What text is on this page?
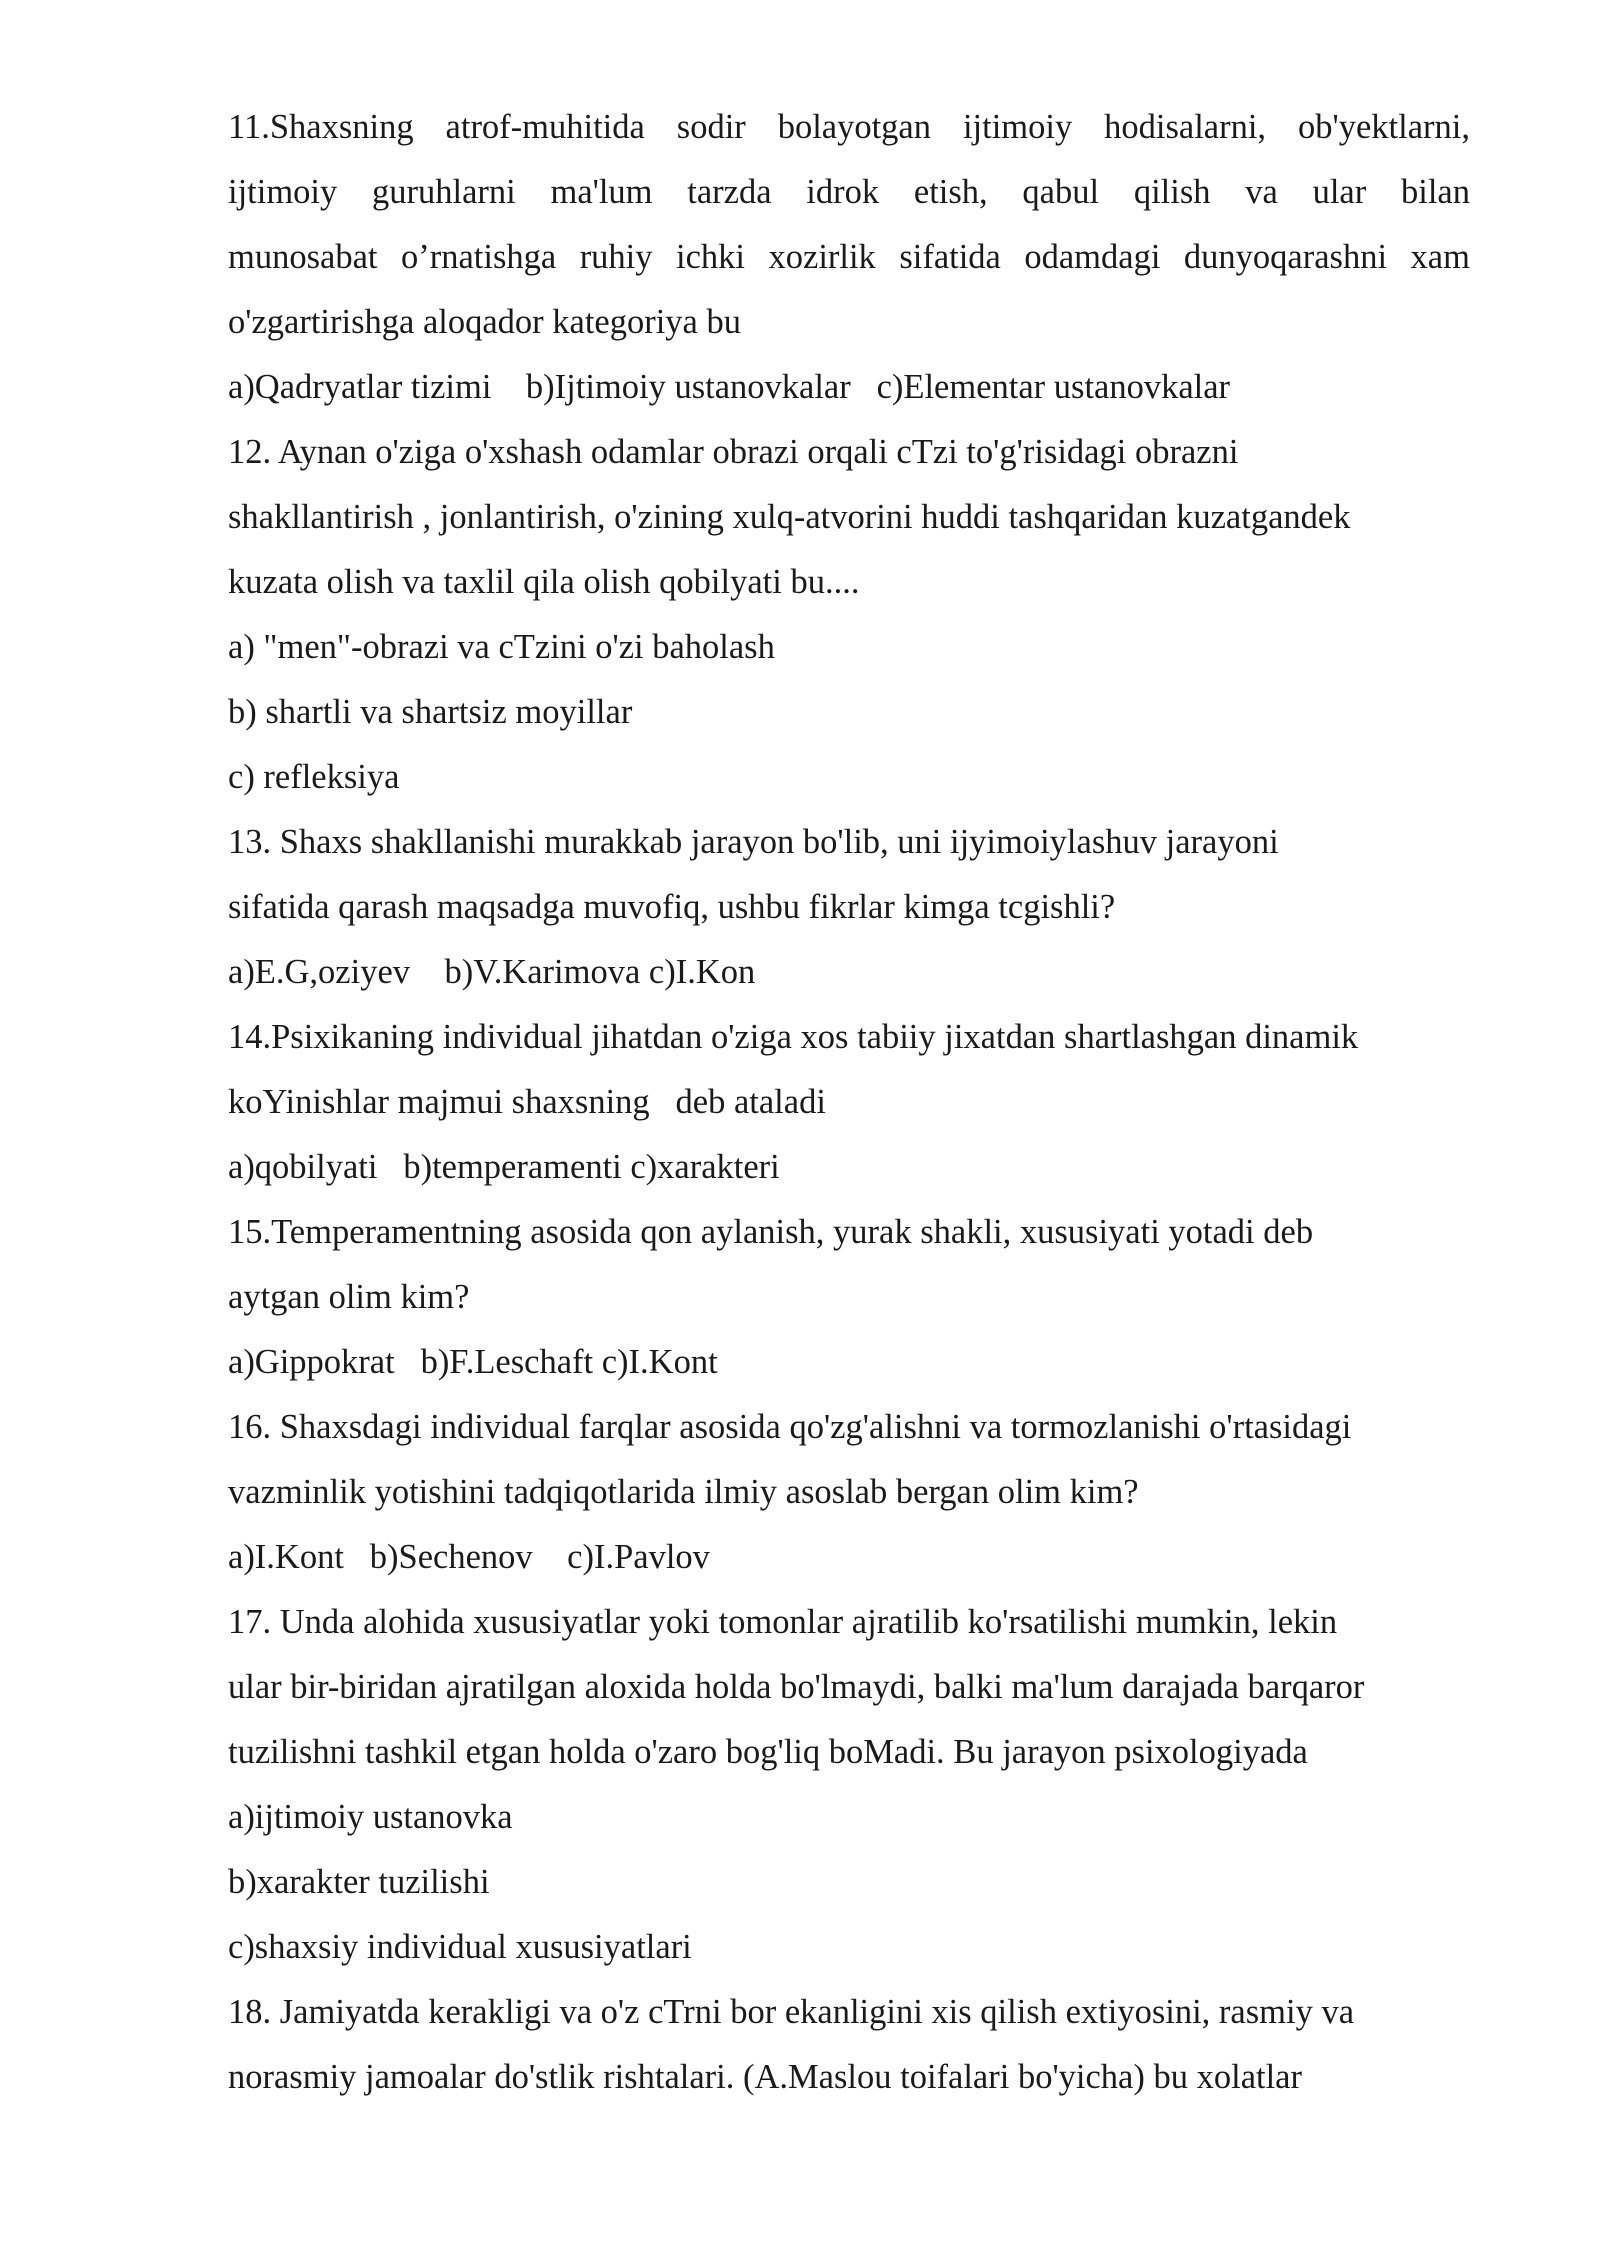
11.Shaxsning atrof-muhitida sodir bolayotgan ijtimoiy hodisalarni, ob'yektlarni,
ijtimoiy guruhlarni ma'lum tarzda idrok etish, qabul qilish va ular bilan
munosabat o’rnatishga ruhiy ichki xozirlik sifatida odamdagi dunyoqarashni xam
o'zgartirishga aloqador kategoriya bu
a)Qadryatlar tizimi    b)Ijtimoiy ustanovkalar   c)Elementar ustanovkalar
12. Aynan o'ziga o'xshash odamlar obrazi orqali cTzi to'g'risidagi obrazni
shakllantirish , jonlantirish, o'zining xulq-atvorini huddi tashqaridan kuzatgandek
kuzata olish va taxlil qila olish qobilyati bu....
a) "men"-obrazi va cTzini o'zi baholash
b) shartli va shartsiz moyillar
c) refleksiya
13. Shaxs shakllanishi murakkab jarayon bo'lib, uni ijyimoiylashuv jarayoni
sifatida qarash maqsadga muvofiq, ushbu fikrlar kimga tcgishli?
a)E.G,oziyev    b)V.Karimova c)I.Kon
14.Psixikaning individual jihatdan o'ziga xos tabiiy jixatdan shartlashgan dinamik
koYinishlar majmui shaxsning   deb ataladi
a)qobilyati   b)temperamenti c)xarakteri
15.Temperamentning asosida qon aylanish, yurak shakli, xususiyati yotadi deb
aytgan olim kim?
a)Gippokrat   b)F.Leschaft c)I.Kont
16. Shaxsdagi individual farqlar asosida qo'zg'alishni va tormozlanishi o'rtasidagi
vazminlik yotishini tadqiqotlarida ilmiy asoslab bergan olim kim?
a)I.Kont   b)Sechenov    c)I.Pavlov
17. Unda alohida xususiyatlar yoki tomonlar ajratilib ko'rsatilishi mumkin, lekin
ular bir-biridan ajratilgan aloxida holda bo'lmaydi, balki ma'lum darajada barqaror
tuzilishni tashkil etgan holda o'zaro bog'liq boMadi. Bu jarayon psixologiyada
a)ijtimoiy ustanovka
b)xarakter tuzilishi
c)shaxsiy individual xususiyatlari
18. Jamiyatda kerakligi va o'z cTrni bor ekanligini xis qilish extiyosini, rasmiy va
norasmiy jamoalar do'stlik rishtalari. (A.Maslou toifalari bo'yicha) bu xolatlar
